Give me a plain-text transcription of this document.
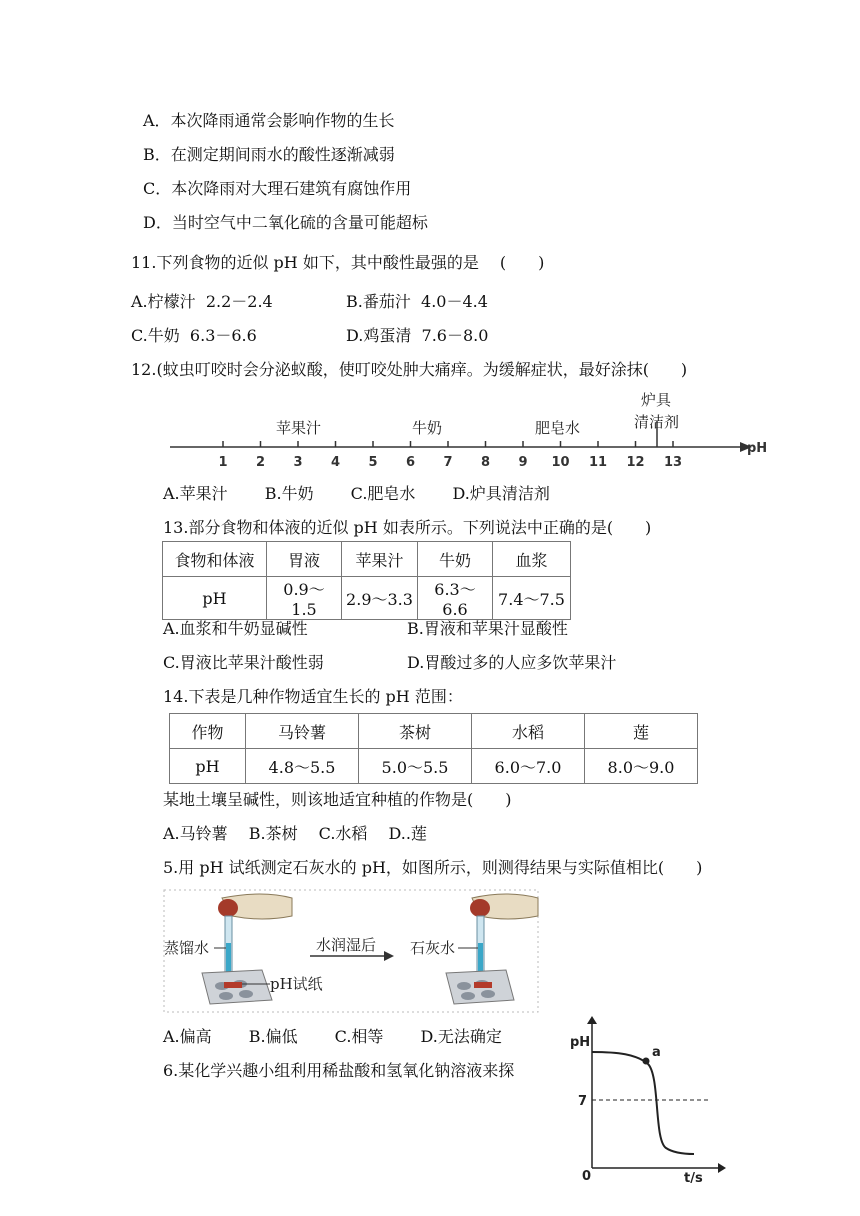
A．本次降雨通常会影响作物的生长
B．在测定期间雨水的酸性逐渐减弱
C．本次降雨对大理石建筑有腐蚀作用
D．当时空气中二氧化硫的含量可能超标
11.下列食物的近似 pH 如下，其中酸性最强的是　 (　　)
A.柠檬汁  2.2－2.4	B.番茄汁  4.0－4.4
C.牛奶  6.3－6.6	D.鸡蛋清  7.6－8.0
12.(蚊虫叮咬时会分泌蚁酸，使叮咬处肿大痛痒。为缓解症状，最好涂抹(　　)
1 2 3 4 5 6 7 8 9 10 11 12 13
苹果汁	牛奶	肥皂水
炉具
清洁剂
pH
A.苹果汁　　 B.牛奶　　 C.肥皂水　　 D.炉具清洁剂
13.部分食物和体液的近似 pH 如表所示。下列说法中正确的是(　　)
食物和体液	胃液	苹果汁	牛奶	血浆
pH	0.9～1.5	2.9～3.3	6.3～6.6	7.4～7.5
A.血浆和牛奶显碱性	B.胃液和苹果汁显酸性
C.胃液比苹果汁酸性弱	D.胃酸过多的人应多饮苹果汁
14.下表是几种作物适宜生长的 pH 范围：
作物	马铃薯	茶树	水稻	莲
pH	4.8～5.5	5.0～5.5	6.0～7.0	8.0～9.0
某地土壤呈碱性，则该地适宜种植的作物是(　　)
A.马铃薯　 B.茶树　 C.水稻　 D..莲
5.用 pH 试纸测定石灰水的 pH，如图所示，则测得结果与实际值相比(　　)
蒸馏水
pH试纸
水润湿后 石灰水
A.偏高　　 B.偏低　　 C.相等　　 D.无法确定
6.某化学兴趣小组利用稀盐酸和氢氧化钠溶液来探
a
pH
7
0	t/s
